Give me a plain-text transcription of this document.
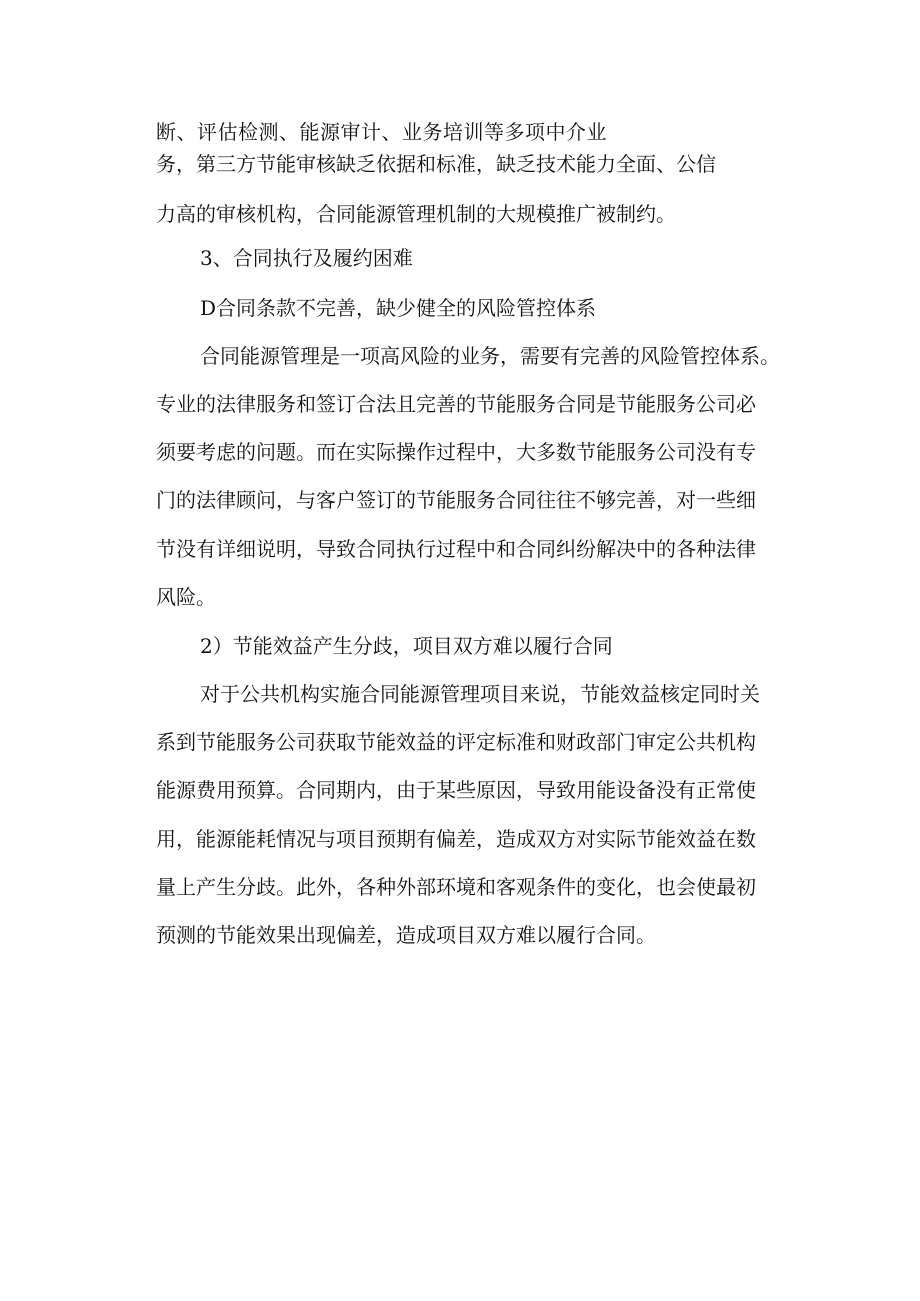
断、评估检测、能源审计、业务培训等多项中介业
务，第三方节能审核缺乏依据和标准，缺乏技术能力全面、公信
力高的审核机构，合同能源管理机制的大规模推广被制约。
3、合同执行及履约困难
D合同条款不完善，缺少健全的风险管控体系
合同能源管理是一项高风险的业务，需要有完善的风险管控体系。
专业的法律服务和签订合法且完善的节能服务合同是节能服务公司必
须要考虑的问题。而在实际操作过程中，大多数节能服务公司没有专
门的法律顾问，与客户签订的节能服务合同往往不够完善，对一些细
节没有详细说明，导致合同执行过程中和合同纠纷解决中的各种法律
风险。
2）节能效益产生分歧，项目双方难以履行合同
对于公共机构实施合同能源管理项目来说，节能效益核定同时关
系到节能服务公司获取节能效益的评定标准和财政部门审定公共机构
能源费用预算。合同期内，由于某些原因，导致用能设备没有正常使
用，能源能耗情况与项目预期有偏差，造成双方对实际节能效益在数
量上产生分歧。此外，各种外部环境和客观条件的变化，也会使最初
预测的节能效果出现偏差，造成项目双方难以履行合同。
